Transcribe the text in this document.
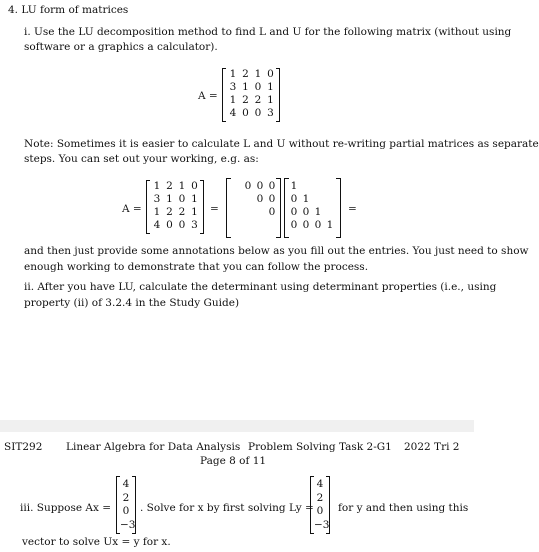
4. LU form of matrices
i. Use the LU decomposition method to find L and U for the following matrix (without using
software or a graphics a calculator).
A =
1 2 1 0
3 1 0 1
1 2 2 1
4 0 0 3
Note: Sometimes it is easier to calculate L and U without re-writing partial matrices as separate
steps. You can set out your working, e.g. as:
A =
1 2 1 0
3 1 0 1
1 2 2 1
4 0 0 3
=
0 0 0
0 0
0
1
0 1
0 0 1
0 0 0 1
=
and then just provide some annotations below as you fill out the entries. You just need to show
enough working to demonstrate that you can follow the process.
ii. After you have LU, calculate the determinant using determinant properties (i.e., using
property (ii) of 3.2.4 in the Study Guide)
SIT292 Linear Algebra for Data Analysis Problem Solving Task 2-G1 2022 Tri 2
Page 8 of 11
iii. Suppose Ax =
4
2
0
−3
. Solve for x by first solving Ly =
4
2
0
−3
for y and then using this
vector to solve Ux = y for x.
